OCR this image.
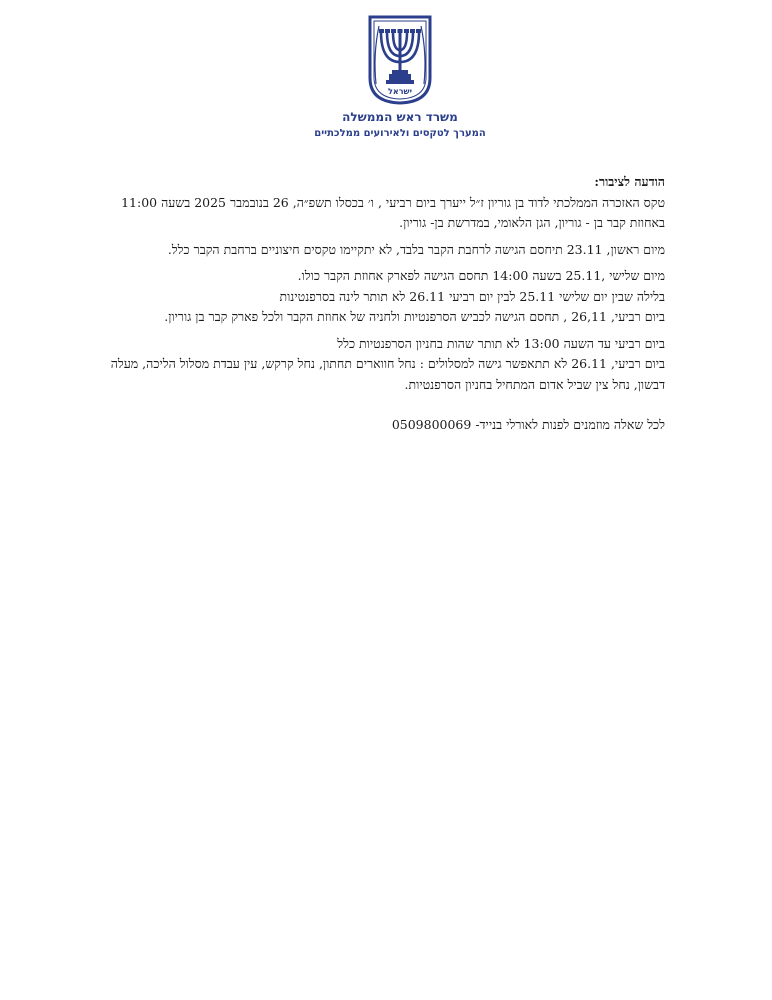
ישראל
משרד ראש הממשלה
המערך לטקסים ולאירועים ממלכתיים

הודעה לציבור:

טקס האזכרה הממלכתי לדוד בן גוריון ז״ל ייערך ביום רביעי , ו׳ בכסלו תשפ״ה, 26 בנובמבר 2025 בשעה 11:00 באחוזת קבר בן - גוריון, הגן הלאומי, במדרשת בן- גוריון.

מיום ראשון, 23.11 תיחסם הגישה לרחבת הקבר בלבד, לא יתקיימו טקסים חיצוניים ברחבת הקבר כלל.

מיום שלישי ,25.11 בשעה 14:00 תחסם הגישה לפארק אחוזת הקבר כולו.

בלילה שבין יום שלישי 25.11 לבין יום רביעי 26.11 לא תותר לינה בסרפנטינות

ביום רביעי, 26,11 , תחסם הגישה לכביש הסרפנטיות ולחניה של אחוזת הקבר ולכל פארק קבר בן גוריון.

ביום רביעי עד השעה 13:00 לא תותר שהות בחניון הסרפנטיות כלל

ביום רביעי, 26.11 לא תתאפשר גישה למסלולים : נחל חווארים תחתון, נחל קרקש, עין עבדת מסלול הליכה, מעלה דבשון, נחל צין שביל אדום המתחיל בחניון הסרפנטיות.

לכל שאלה מוזמנים לפנות לאורלי בנייד- 0509800069
